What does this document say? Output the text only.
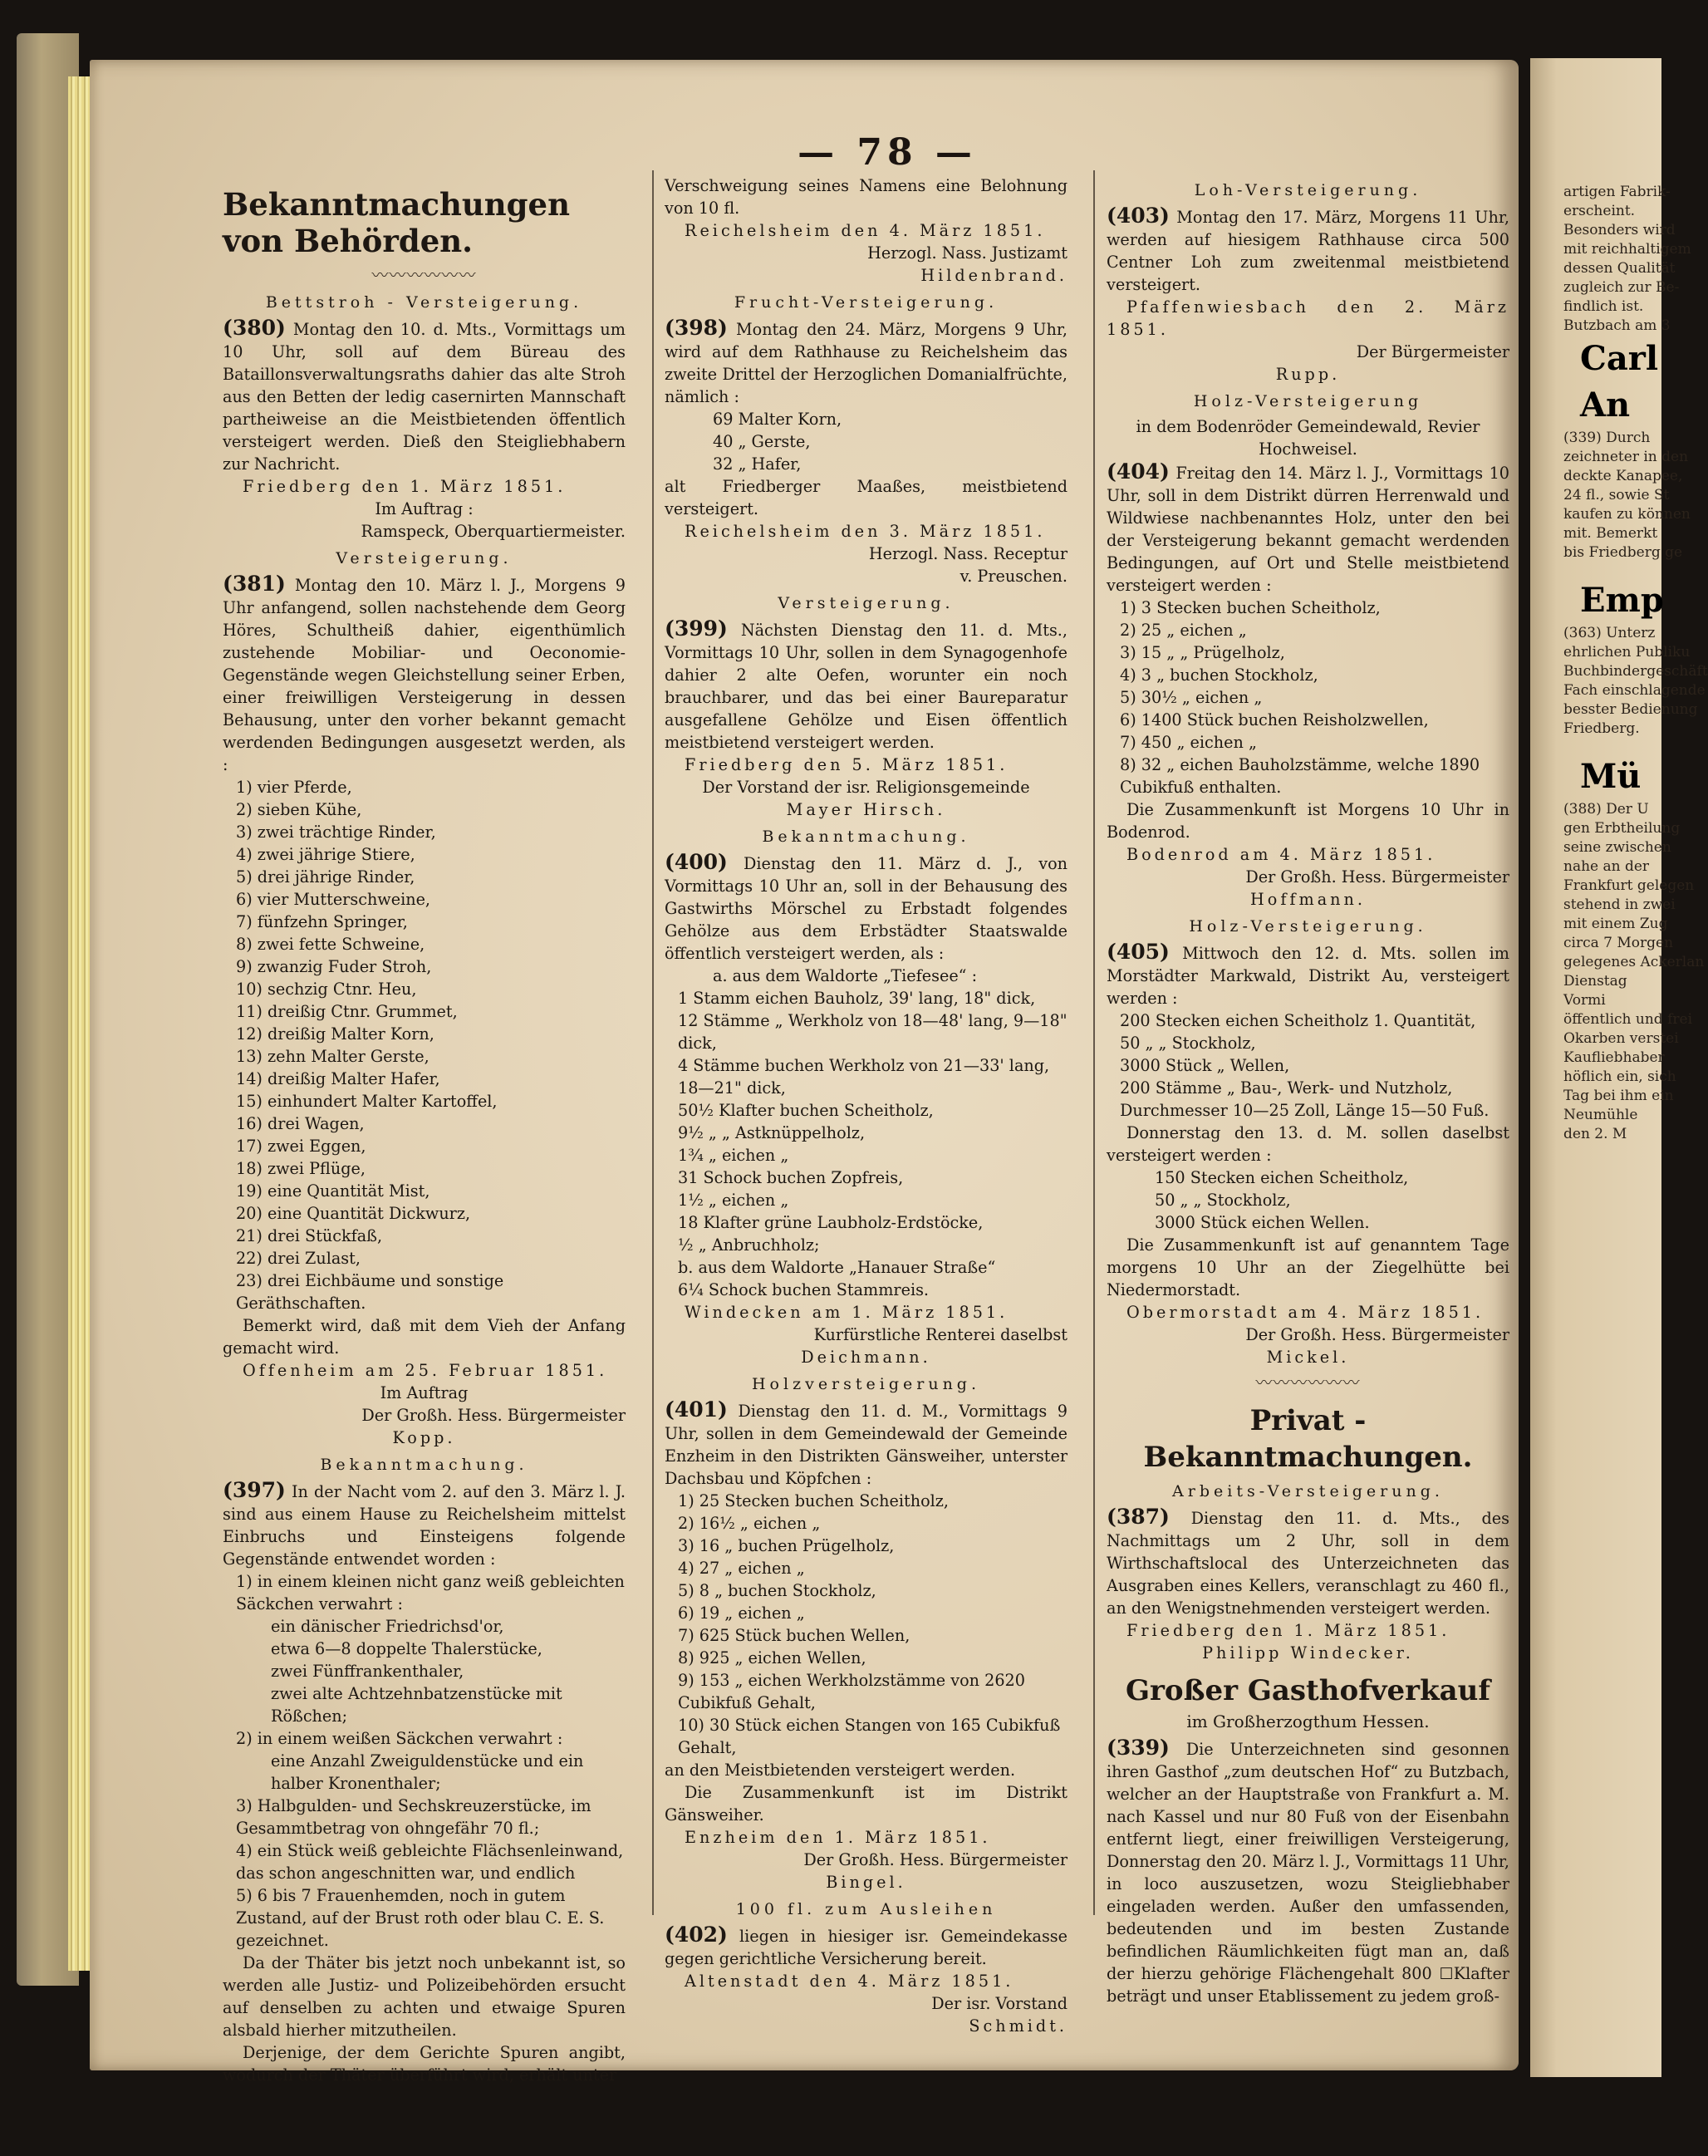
artigen Fabrik-
erscheint.
Besonders wird
mit reichhaltigem
dessen Qualität
zugleich zur Be-
findlich ist.
Butzbach am 3
Carl
An
(339) Durch
zeichneter in den
deckte Kanapee,
24 fl., sowie St
kaufen zu können
mit. Bemerkt
bis Friedberg ge
Emp
(363) Unterz
ehrlichen Publiku
Buchbindergeschäft
Fach einschlagende
besster Bedienung
Friedberg.
Mü
(388) Der U
gen Erbtheilung
seine zwischen
nahe an der
Frankfurt gelegen
stehend in zwei
mit einem Zug
circa 7 Morgen
gelegenes Ackerlan
Dienstag
Vormi
öffentlich und frei
Okarben verstei
Kaufliebhaber
höflich ein, sich
Tag bei ihm ein
Neumühle
den 2. M
— 78 —
Bekanntmachungen von Behörden.
〰〰〰〰〰〰
Bettstroh - Versteigerung.

(380) Montag den 10. d. Mts., Vormittags um 10 Uhr, soll auf dem Büreau des Bataillonsverwaltungsraths dahier das alte Stroh aus den Betten der ledig casernirten Mannschaft partheiweise an die Meistbietenden öffentlich versteigert werden. Dieß den Steigliebhabern zur Nachricht.

Friedberg den 1. März 1851.

Im Auftrag :

Ramspeck, Oberquartiermeister.

Versteigerung.

(381) Montag den 10. März l. J., Morgens 9 Uhr anfangend, sollen nachstehende dem Georg Höres, Schultheiß dahier, eigenthümlich zustehende Mobiliar- und Oeconomie-Gegenstände wegen Gleichstellung seiner Erben, einer freiwilligen Versteigerung in dessen Behausung, unter den vorher bekannt gemacht werdenden Bedingungen ausgesetzt werden, als :

1) vier Pferde,

2) sieben Kühe,

3) zwei trächtige Rinder,

4) zwei jährige Stiere,

5) drei jährige Rinder,

6) vier Mutterschweine,

7) fünfzehn Springer,

8) zwei fette Schweine,

9) zwanzig Fuder Stroh,

10) sechzig Ctnr. Heu,

11) dreißig Ctnr. Grummet,

12) dreißig Malter Korn,

13) zehn Malter Gerste,

14) dreißig Malter Hafer,

15) einhundert Malter Kartoffel,

16) drei Wagen,

17) zwei Eggen,

18) zwei Pflüge,

19) eine Quantität Mist,

20) eine Quantität Dickwurz,

21) drei Stückfaß,

22) drei Zulast,

23) drei Eichbäume und sonstige Geräthschaften.

Bemerkt wird, daß mit dem Vieh der Anfang gemacht wird.

Offenheim am 25. Februar 1851.

Im Auftrag

Der Großh. Hess. Bürgermeister

Kopp.

Bekanntmachung.

(397) In der Nacht vom 2. auf den 3. März l. J. sind aus einem Hause zu Reichelsheim mittelst Einbruchs und Einsteigens folgende Gegenstände entwendet worden :

1) in einem kleinen nicht ganz weiß gebleichten Säckchen verwahrt :

ein dänischer Friedrichsd'or,

etwa 6—8 doppelte Thalerstücke,

zwei Fünffrankenthaler,

zwei alte Achtzehnbatzenstücke mit Rößchen;

2) in einem weißen Säckchen verwahrt :

eine Anzahl Zweiguldenstücke und ein halber Kronenthaler;

3) Halbgulden- und Sechskreuzerstücke, im Gesammtbetrag von ohngefähr 70 fl.;

4) ein Stück weiß gebleichte Flächsenleinwand, das schon angeschnitten war, und endlich

5) 6 bis 7 Frauenhemden, noch in gutem Zustand, auf der Brust roth oder blau C. E. S. gezeichnet.

Da der Thäter bis jetzt noch unbekannt ist, so werden alle Justiz- und Polizeibehörden ersucht auf denselben zu achten und etwaige Spuren alsbald hierher mitzutheilen.

Derjenige, der dem Gerichte Spuren angibt, wodurch der Thäter überführt wird, erhält unter

Verschweigung seines Namens eine Belohnung von 10 fl.

Reichelsheim den 4. März 1851.

Herzogl. Nass. Justizamt

Hildenbrand.

Frucht-Versteigerung.

(398) Montag den 24. März, Morgens 9 Uhr, wird auf dem Rathhause zu Reichelsheim das zweite Drittel der Herzoglichen Domanialfrüchte, nämlich :

69 Malter Korn,

40 „ Gerste,

32 „ Hafer,

alt Friedberger Maaßes, meistbietend versteigert.

Reichelsheim den 3. März 1851.

Herzogl. Nass. Receptur

v. Preuschen.

Versteigerung.

(399) Nächsten Dienstag den 11. d. Mts., Vormittags 10 Uhr, sollen in dem Synagogenhofe dahier 2 alte Oefen, worunter ein noch brauchbarer, und das bei einer Baureparatur ausgefallene Gehölze und Eisen öffentlich meistbietend versteigert werden.

Friedberg den 5. März 1851.

Der Vorstand der isr. Religionsgemeinde

Mayer Hirsch.

Bekanntmachung.

(400) Dienstag den 11. März d. J., von Vormittags 10 Uhr an, soll in der Behausung des Gastwirths Mörschel zu Erbstadt folgendes Gehölze aus dem Erbstädter Staatswalde öffentlich versteigert werden, als :

a. aus dem Waldorte „Tiefesee“ :

1 Stamm eichen Bauholz, 39' lang, 18" dick,

12 Stämme „ Werkholz von 18—48' lang, 9—18" dick,

4 Stämme buchen Werkholz von 21—33' lang, 18—21" dick,

50½ Klafter buchen Scheitholz,

9½ „ „ Astknüppelholz,

1¾ „ eichen „

31 Schock buchen Zopfreis,

1½ „ eichen „

18 Klafter grüne Laubholz-Erdstöcke,

½ „ Anbruchholz;

b. aus dem Waldorte „Hanauer Straße“

6¼ Schock buchen Stammreis.

Windecken am 1. März 1851.

Kurfürstliche Renterei daselbst

Deichmann.

Holzversteigerung.

(401) Dienstag den 11. d. M., Vormittags 9 Uhr, sollen in dem Gemeindewald der Gemeinde Enzheim in den Distrikten Gänsweiher, unterster Dachsbau und Köpfchen :

1) 25 Stecken buchen Scheitholz,

2) 16½ „ eichen „

3) 16 „ buchen Prügelholz,

4) 27 „ eichen „

5) 8 „ buchen Stockholz,

6) 19 „ eichen „

7) 625 Stück buchen Wellen,

8) 925 „ eichen Wellen,

9) 153 „ eichen Werkholzstämme von 2620 Cubikfuß Gehalt,

10) 30 Stück eichen Stangen von 165 Cubikfuß Gehalt,

an den Meistbietenden versteigert werden.

Die Zusammenkunft ist im Distrikt Gänsweiher.

Enzheim den 1. März 1851.

Der Großh. Hess. Bürgermeister

Bingel.

100 fl. zum Ausleihen

(402) liegen in hiesiger isr. Gemeindekasse gegen gerichtliche Versicherung bereit.

Altenstadt den 4. März 1851.

Der isr. Vorstand

Schmidt.

Loh-Versteigerung.

(403) Montag den 17. März, Morgens 11 Uhr, werden auf hiesigem Rathhause circa 500 Centner Loh zum zweitenmal meistbietend versteigert.

Pfaffenwiesbach den 2. März 1851.

Der Bürgermeister

Rupp.

Holz-Versteigerung

in dem Bodenröder Gemeindewald, Revier Hochweisel.

(404) Freitag den 14. März l. J., Vormittags 10 Uhr, soll in dem Distrikt dürren Herrenwald und Wildwiese nachbenanntes Holz, unter den bei der Versteigerung bekannt gemacht werdenden Bedingungen, auf Ort und Stelle meistbietend versteigert werden :

1) 3 Stecken buchen Scheitholz,

2) 25 „ eichen „

3) 15 „ „ Prügelholz,

4) 3 „ buchen Stockholz,

5) 30½ „ eichen „

6) 1400 Stück buchen Reisholzwellen,

7) 450 „ eichen „

8) 32 „ eichen Bauholzstämme, welche 1890 Cubikfuß enthalten.

Die Zusammenkunft ist Morgens 10 Uhr in Bodenrod.

Bodenrod am 4. März 1851.

Der Großh. Hess. Bürgermeister

Hoffmann.

Holz-Versteigerung.

(405) Mittwoch den 12. d. Mts. sollen im Morstädter Markwald, Distrikt Au, versteigert werden :

200 Stecken eichen Scheitholz 1. Quantität,

50 „ „ Stockholz,

3000 Stück „ Wellen,

200 Stämme „ Bau-, Werk- und Nutzholz, Durchmesser 10—25 Zoll, Länge 15—50 Fuß.

Donnerstag den 13. d. M. sollen daselbst versteigert werden :

150 Stecken eichen Scheitholz,

50 „ „ Stockholz,

3000 Stück eichen Wellen.

Die Zusammenkunft ist auf genanntem Tage morgens 10 Uhr an der Ziegelhütte bei Niedermorstadt.

Obermorstadt am 4. März 1851.

Der Großh. Hess. Bürgermeister

Mickel.

〰〰〰〰〰〰
Privat - Bekanntmachungen.
Arbeits-Versteigerung.

(387) Dienstag den 11. d. Mts., des Nachmittags um 2 Uhr, soll in dem Wirthschaftslocal des Unterzeichneten das Ausgraben eines Kellers, veranschlagt zu 460 fl., an den Wenigstnehmenden versteigert werden.

Friedberg den 1. März 1851.

Philipp Windecker.

Großer Gasthofverkauf

im Großherzogthum Hessen.

(339) Die Unterzeichneten sind gesonnen ihren Gasthof „zum deutschen Hof“ zu Butzbach, welcher an der Hauptstraße von Frankfurt a. M. nach Kassel und nur 80 Fuß von der Eisenbahn entfernt liegt, einer freiwilligen Versteigerung, Donnerstag den 20. März l. J., Vormittags 11 Uhr, in loco auszusetzen, wozu Steigliebhaber eingeladen werden. Außer den umfassenden, bedeutenden und im besten Zustande befindlichen Räumlichkeiten fügt man an, daß der hierzu gehörige Flächengehalt 800 ☐Klafter beträgt und unser Etablissement zu jedem groß-
